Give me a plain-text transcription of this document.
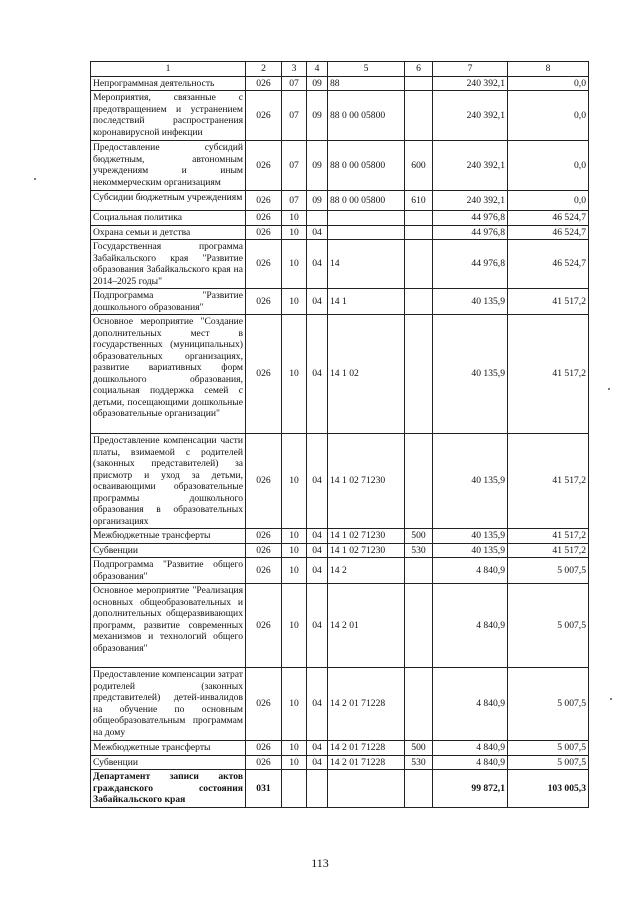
1	2	3	4	5	6	7	8
Непрограммная деятельность	026	07	09	88		240 392,1	0,0
Мероприятия, связанные с предотвращением и устранением последствий распространения коронавирусной инфекции	026	07	09	88 0 00 05800		240 392,1	0,0
Предоставление субсидий бюджетным, автономным учреждениям и иным некоммерческим организациям	026	07	09	88 0 00 05800	600	240 392,1	0,0
Субсидии бюджетным учреждениям	026	07	09	88 0 00 05800	610	240 392,1	0,0
Социальная политика	026	10				44 976,8	46 524,7
Охрана семьи и детства	026	10	04			44 976,8	46 524,7
Государственная программа Забайкальского края "Развитие образования Забайкальского края на 2014–2025 годы"	026	10	04	14		44 976,8	46 524,7
Подпрограмма "Развитие дошкольного образования"	026	10	04	14 1		40 135,9	41 517,2
Основное мероприятие "Создание дополнительных мест в государственных (муниципальных) образовательных организациях, развитие вариативных форм дошкольного образования, социальная поддержка семей с детьми, посещающими дошкольные образовательные организации"	026	10	04	14 1 02		40 135,9	41 517,2
Предоставление компенсации части платы, взимаемой с родителей (законных представителей) за присмотр и уход за детьми, осваивающими образовательные программы дошкольного образования в образовательных организациях	026	10	04	14 1 02 71230		40 135,9	41 517,2
Межбюджетные трансферты	026	10	04	14 1 02 71230	500	40 135,9	41 517,2
Субвенции	026	10	04	14 1 02 71230	530	40 135,9	41 517,2
Подпрограмма "Развитие общего образования"	026	10	04	14 2		4 840,9	5 007,5
Основное мероприятие "Реализация основных общеобразовательных и дополнительных общеразвивающих программ, развитие современных механизмов и технологий общего образования"	026	10	04	14 2 01		4 840,9	5 007,5
Предоставление компенсации затрат родителей (законных представителей) детей-инвалидов на обучение по основным общеобразовательным программам на дому	026	10	04	14 2 01 71228		4 840,9	5 007,5
Межбюджетные трансферты	026	10	04	14 2 01 71228	500	4 840,9	5 007,5
Субвенции	026	10	04	14 2 01 71228	530	4 840,9	5 007,5
Департамент записи актов гражданского состояния Забайкальского края	031					99 872,1	103 005,3
113
